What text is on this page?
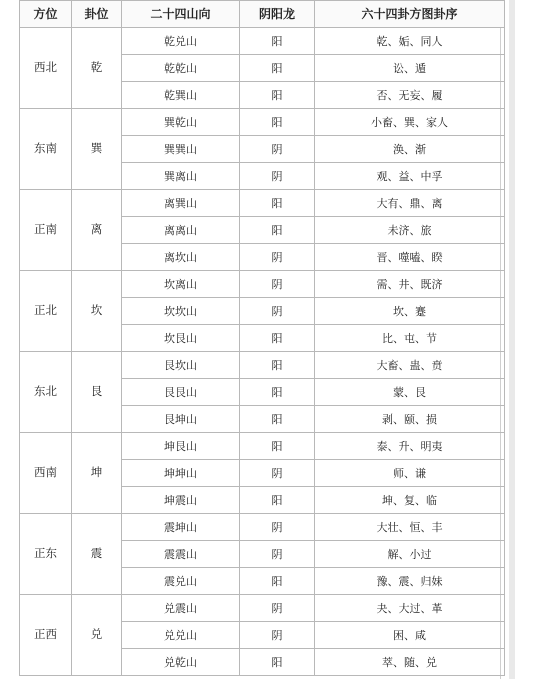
方位	卦位	二十四山向	阴阳龙	六十四卦方图卦序
西北	乾	乾兑山	阳	乾、姤、同人
		乾乾山	阳	讼、遁
		乾巽山	阳	否、无妄、履
东南	巽	巽乾山	阳	小畜、巽、家人
		巽巽山	阴	涣、渐
		巽离山	阴	观、益、中孚
正南	离	离巽山	阳	大有、鼎、离
		离离山	阳	未济、旅
		离坎山	阴	晋、噬嗑、睽
正北	坎	坎离山	阴	需、井、既济
		坎坎山	阴	坎、蹇
		坎艮山	阳	比、屯、节
东北	艮	艮坎山	阳	大畜、蛊、贲
		艮艮山	阳	蒙、艮
		艮坤山	阳	剥、颐、损
西南	坤	坤艮山	阳	泰、升、明夷
		坤坤山	阴	师、谦
		坤震山	阳	坤、复、临
正东	震	震坤山	阴	大壮、恒、丰
		震震山	阴	解、小过
		震兑山	阳	豫、震、归妹
正西	兑	兑震山	阴	夬、大过、革
		兑兑山	阴	困、咸
		兑乾山	阳	萃、随、兑
